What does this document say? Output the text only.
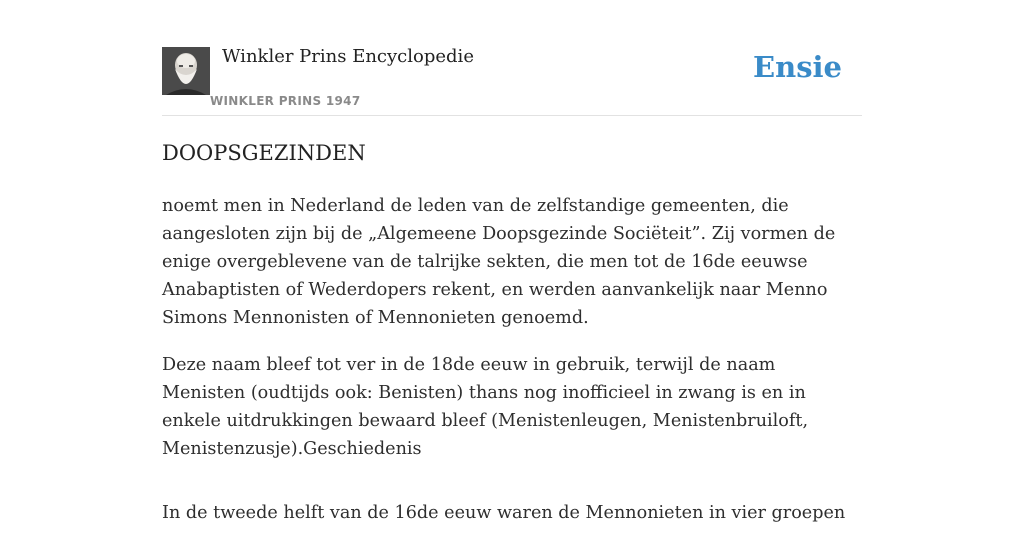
Winkler Prins Encyclopedie
WINKLER PRINS 1947
Ensie
DOOPSGEZINDEN

noemt men in Nederland de leden van de zelfstandige gemeenten, die aangesloten zijn bij de „Algemeene Doopsgezinde Sociëteit”. Zij vormen de enige overgeblevene van de talrijke sekten, die men tot de 16de eeuwse Anabaptisten of Wederdopers rekent, en werden aanvankelijk naar Menno Simons Mennonisten of Mennonieten genoemd.

Deze naam bleef tot ver in de 18de eeuw in gebruik, terwijl de naam Menisten (oudtijds ook: Benisten) thans nog inofficieel in zwang is en in enkele uitdrukkingen bewaard bleef (Menistenleugen, Menistenbruiloft, Menistenzusje).Geschiedenis

In de tweede helft van de 16de eeuw waren de Mennonieten in vier groepen
